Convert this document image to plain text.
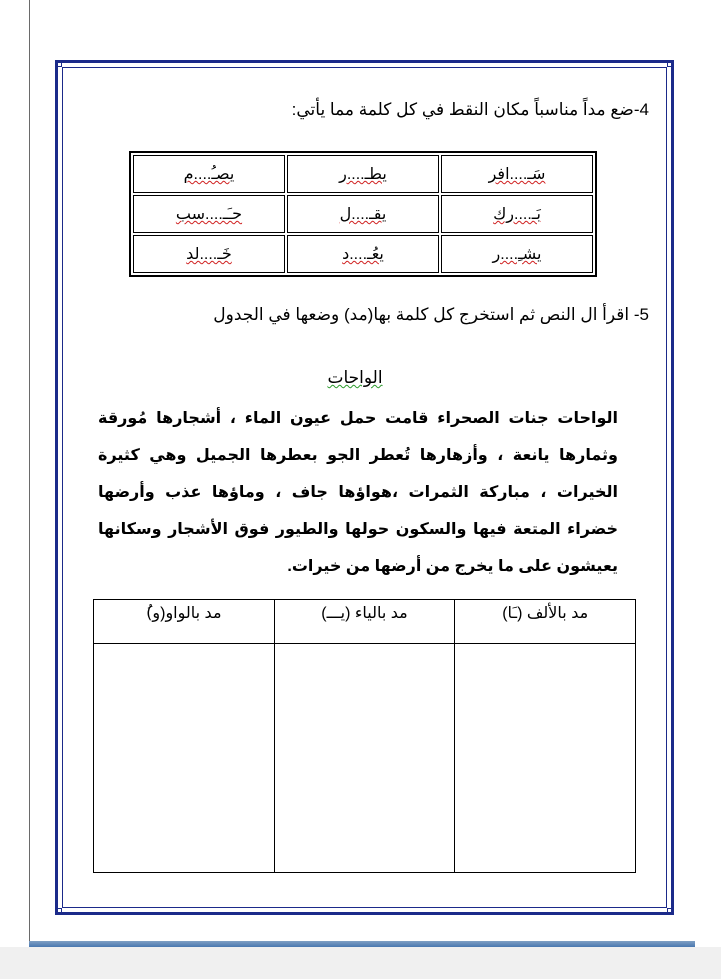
4-ضع مداً مناسباً مكان النقط في كل كلمة مما يأتي:
سَـ....افر	يطـ....ر	يصـُ....م
بَـ....رك	يقـ....ل	حـَـ....سب
يشـِ....ر	يعُـ....د	خَـ....لد
5- اقرأ ال النص ثم استخرج كل كلمة بها(مد) وضعها في الجدول
الواحات
الواحات جنات الصحراء قامت حمل عيون الماء ، أشجارها مُورقة وثمارها يانعة ، وأزهارها تُعطر الجو بعطرها الجميل وهي كثيرة الخيرات ، مباركة الثمرات ،هواؤها جاف ، وماؤها عذب وأرضها خضراء المتعة فيها والسكون حولها والطيور فوق الأشجار وسكانها يعيشون على ما يخرج من أرضها من خيرات.
مد بالألف (ـَا)	مد بالياء (يـــ)	مد بالواو(و)ُ
